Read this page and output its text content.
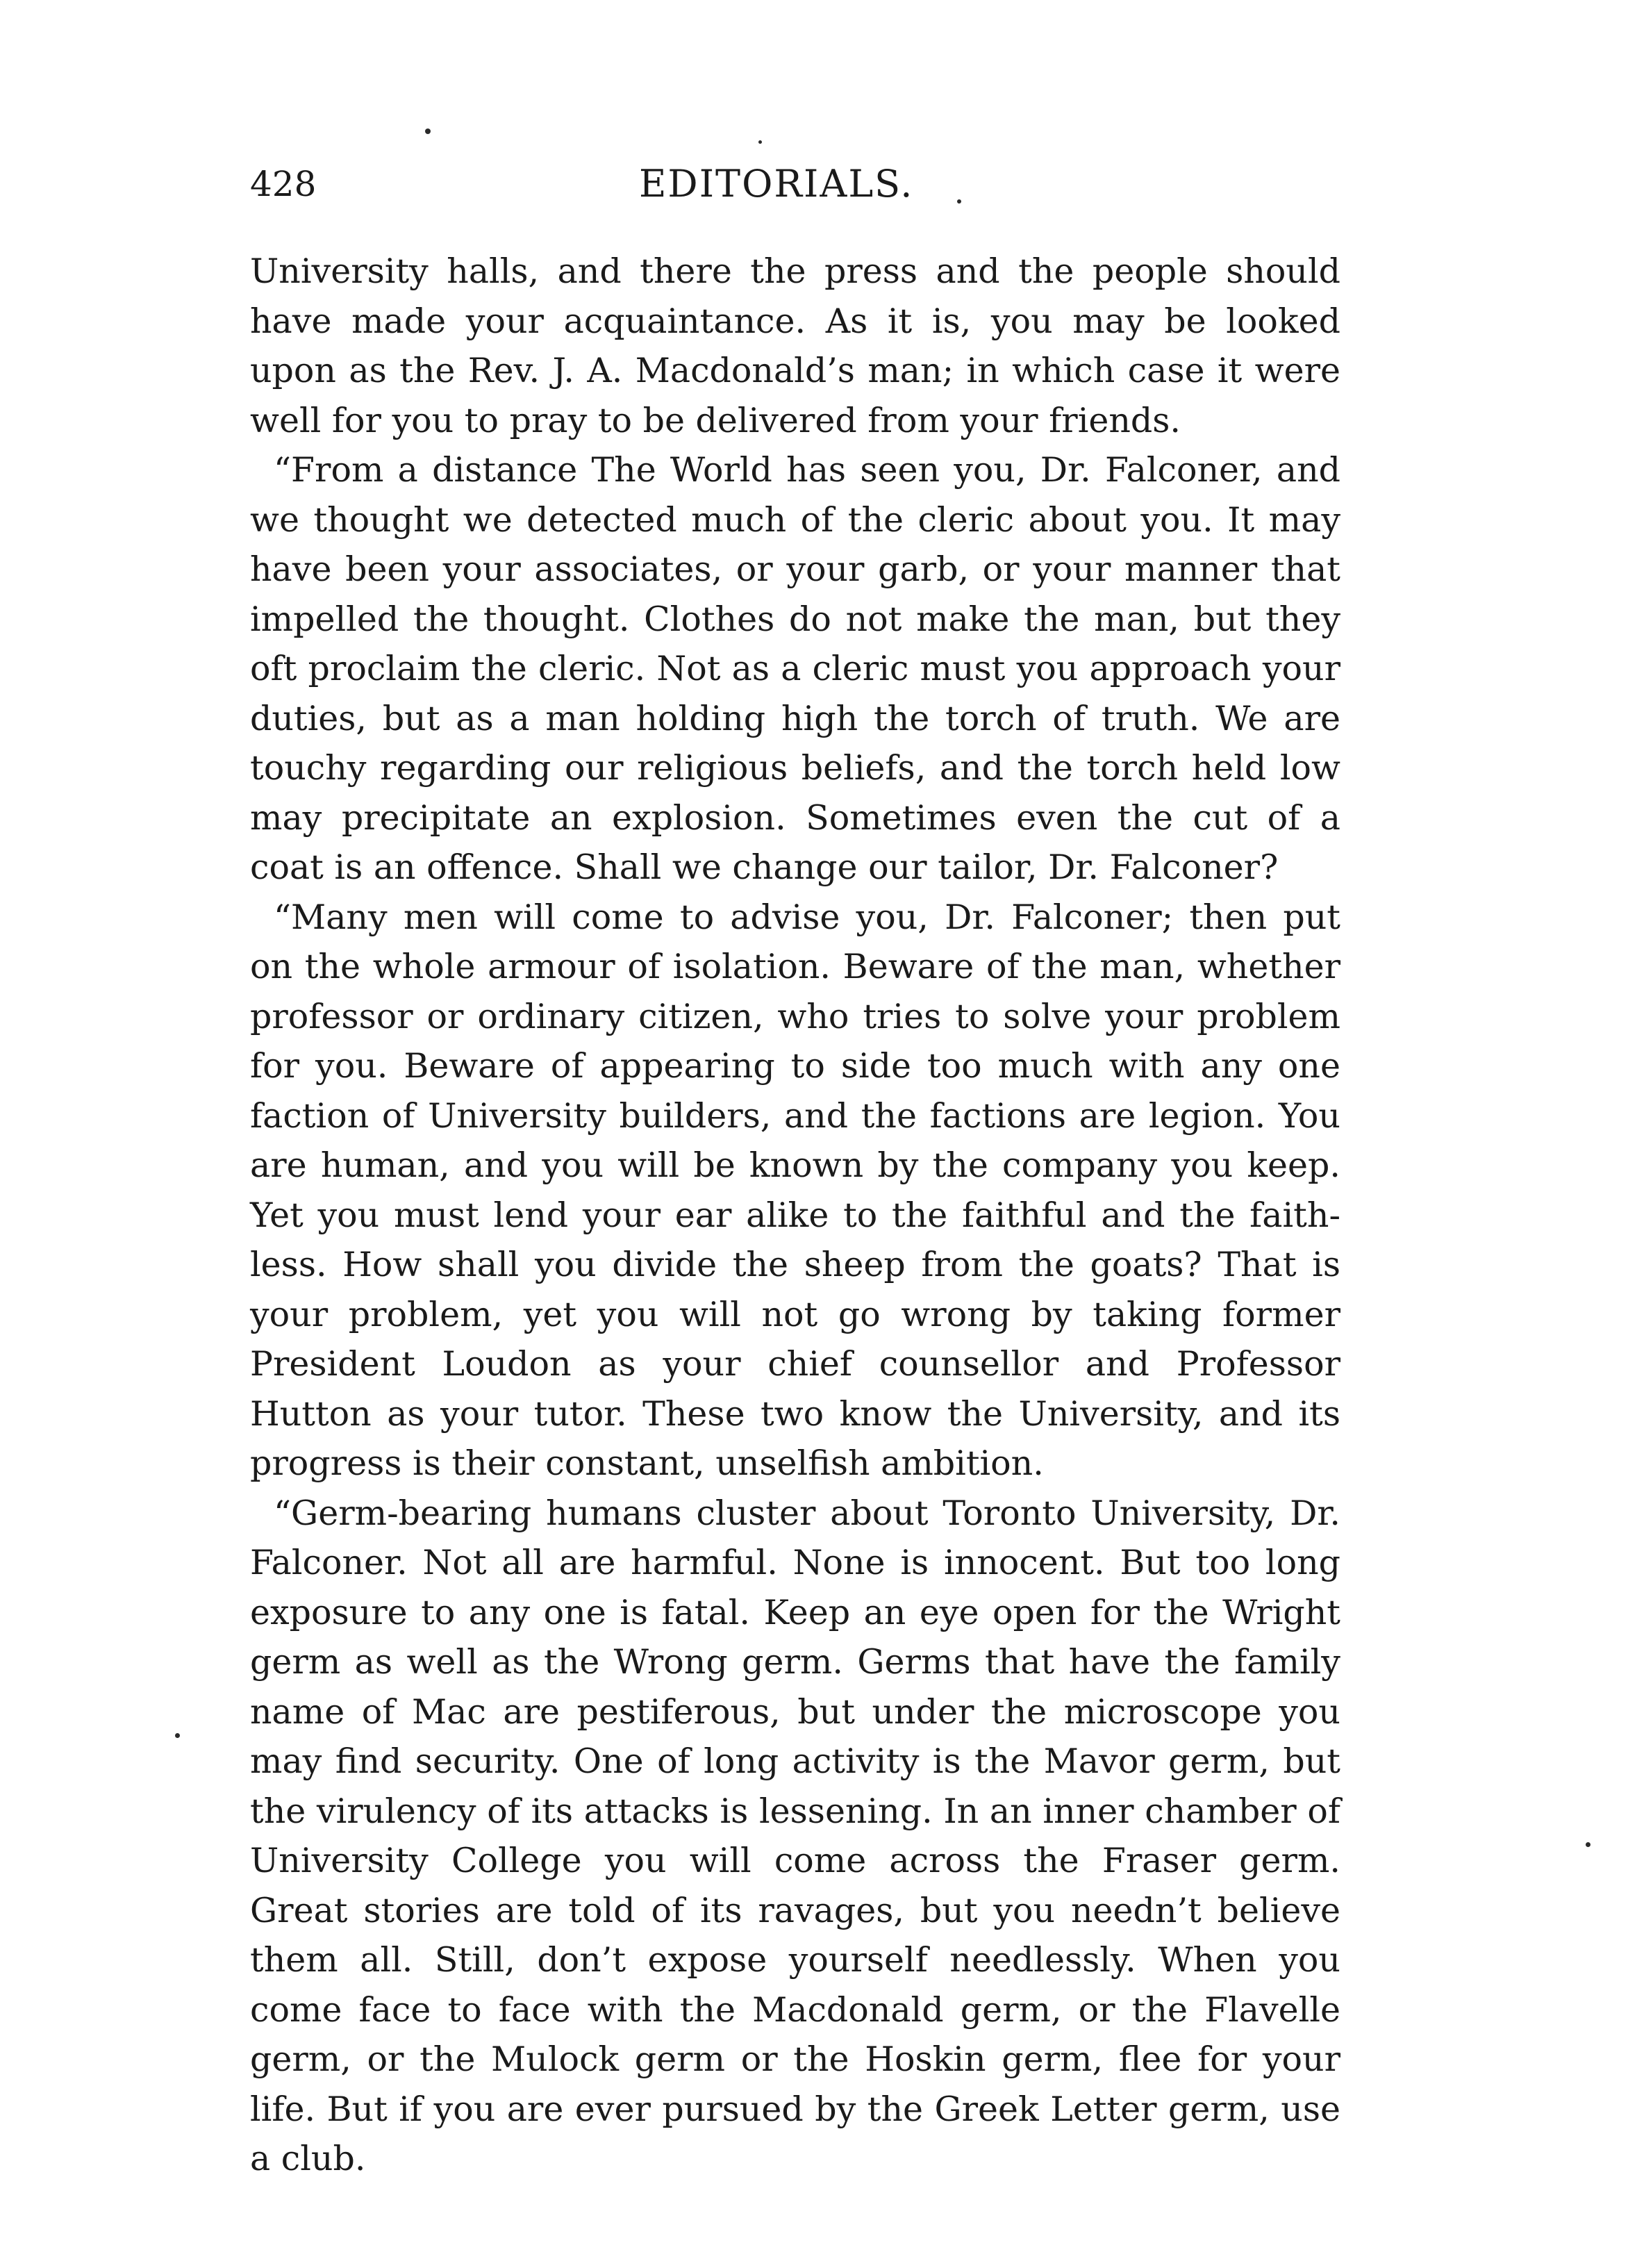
428	EDITORIALS.

University halls, and there the press and the people should have made your acquaintance. As it is, you may be looked upon as the Rev. J. A. Macdonald’s man; in which case it were well for you to pray to be delivered from your friends.

“From a distance The World has seen you, Dr. Falconer, and we thought we detected much of the cleric about you. It may have been your associates, or your garb, or your manner that impelled the thought. Clothes do not make the man, but they oft proclaim the cleric. Not as a cleric must you approach your duties, but as a man holding high the torch of truth. We are touchy regarding our religious beliefs, and the torch held low may precipitate an explosion. Sometimes even the cut of a coat is an offence. Shall we change our tailor, Dr. Falconer?

“Many men will come to advise you, Dr. Falconer; then put on the whole armour of isolation. Beware of the man, whether professor or ordinary citizen, who tries to solve your problem for you. Beware of appearing to side too much with any one faction of University builders, and the factions are legion. You are human, and you will be known by the company you keep. Yet you must lend your ear alike to the faithful and the faithless. How shall you divide the sheep from the goats? That is your problem, yet you will not go wrong by taking former President Loudon as your chief counsellor and Professor Hutton as your tutor. These two know the University, and its progress is their constant, unselfish ambition.

“Germ-bearing humans cluster about Toronto University, Dr. Falconer. Not all are harmful. None is innocent. But too long exposure to any one is fatal. Keep an eye open for the Wright germ as well as the Wrong germ. Germs that have the family name of Mac are pestiferous, but under the microscope you may find security. One of long activity is the Mavor germ, but the virulency of its attacks is lessening. In an inner chamber of University College you will come across the Fraser germ. Great stories are told of its ravages, but you needn’t believe them all. Still, don’t expose yourself needlessly. When you come face to face with the Macdonald germ, or the Flavelle germ, or the Mulock germ or the Hoskin germ, flee for your life. But if you are ever pursued by the Greek Letter germ, use a club.
